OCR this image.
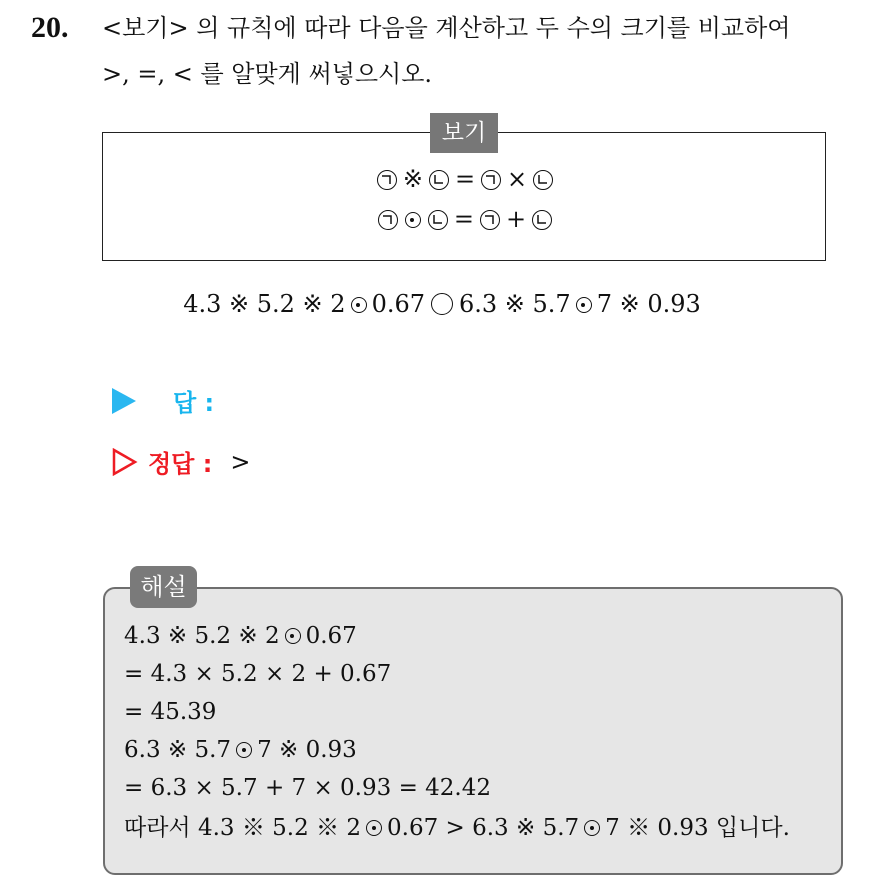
20. <보기> 의 규칙에 따라 다음을 계산하고 두 수의 크기를 비교하여
>, =, < 를 알맞게 써넣으시오.
※ = ×
= +
보기
4.3 ※ 5.2 ※ 2 0.67 6.3 ※ 5.7 7 ※ 0.93
답 :
정답 : >
해설
4.3 ※ 5.2 ※ 2 0.67
= 4.3 × 5.2 × 2 + 0.67
= 45.39
6.3 ※ 5.7 7 ※ 0.93
= 6.3 × 5.7 + 7 × 0.93 = 42.42
따라서 4.3 ※ 5.2 ※ 2 0.67 > 6.3 ※ 5.7 7 ※ 0.93 입니다.
